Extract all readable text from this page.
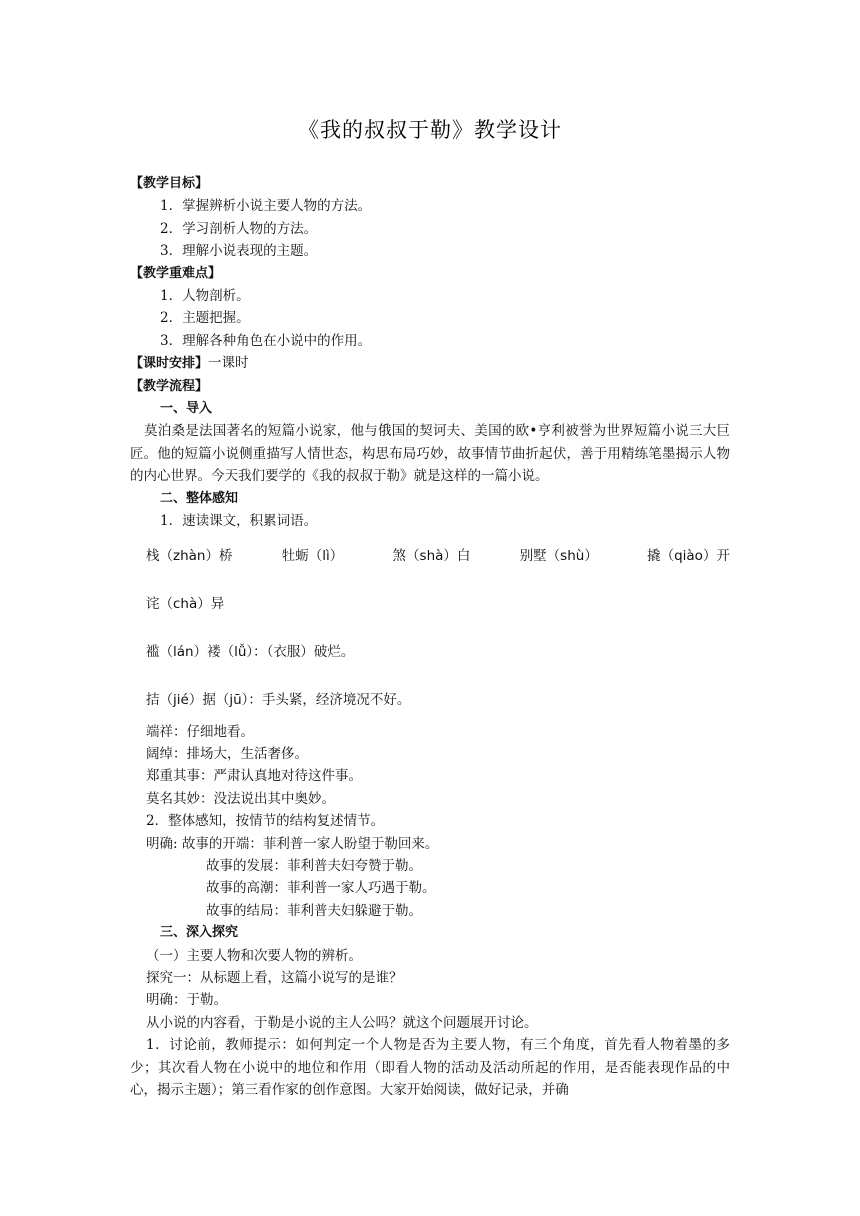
《我的叔叔于勒》教学设计
【教学目标】
1．掌握辨析小说主要人物的方法。
2．学习剖析人物的方法。
3．理解小说表现的主题。
【教学重难点】
1．人物剖析。
2．主题把握。
3．理解各种角色在小说中的作用。
【课时安排】一课时
【教学流程】
一、导入
莫泊桑是法国著名的短篇小说家，他与俄国的契诃夫、美国的欧•亨利被誉为世界短篇小说三大巨匠。他的短篇小说侧重描写人情世态，构思布局巧妙，故事情节曲折起伏，善于用精练笔墨揭示人物的内心世界。今天我们要学的《我的叔叔于勒》就是这样的一篇小说。
二、整体感知
1．速读课文，积累词语。
栈（zhàn）桥	牡蛎（lì）	煞（shà）白	别墅（shù）	撬（qiào）开
诧（chà）异
褴（lán）褛（lǚ）：（衣服）破烂。
拮（jié）据（jū）：手头紧，经济境况不好。
端祥：仔细地看。
阔绰：排场大，生活奢侈。
郑重其事：严肃认真地对待这件事。
莫名其妙：没法说出其中奥妙。
2．整体感知，按情节的结构复述情节。
明确: 故事的开端：菲利普一家人盼望于勒回来。
故事的发展：菲利普夫妇夸赞于勒。
故事的高潮：菲利普一家人巧遇于勒。
故事的结局：菲利普夫妇躲避于勒。
三、深入探究
（一）主要人物和次要人物的辨析。
探究一：从标题上看，这篇小说写的是谁？
明确：于勒。
从小说的内容看，于勒是小说的主人公吗？就这个问题展开讨论。
1．讨论前，教师提示：如何判定一个人物是否为主要人物，有三个角度，首先看人物着墨的多少；其次看人物在小说中的地位和作用（即看人物的活动及活动所起的作用，是否能表现作品的中心，揭示主题）；第三看作家的创作意图。大家开始阅读，做好记录，并确
